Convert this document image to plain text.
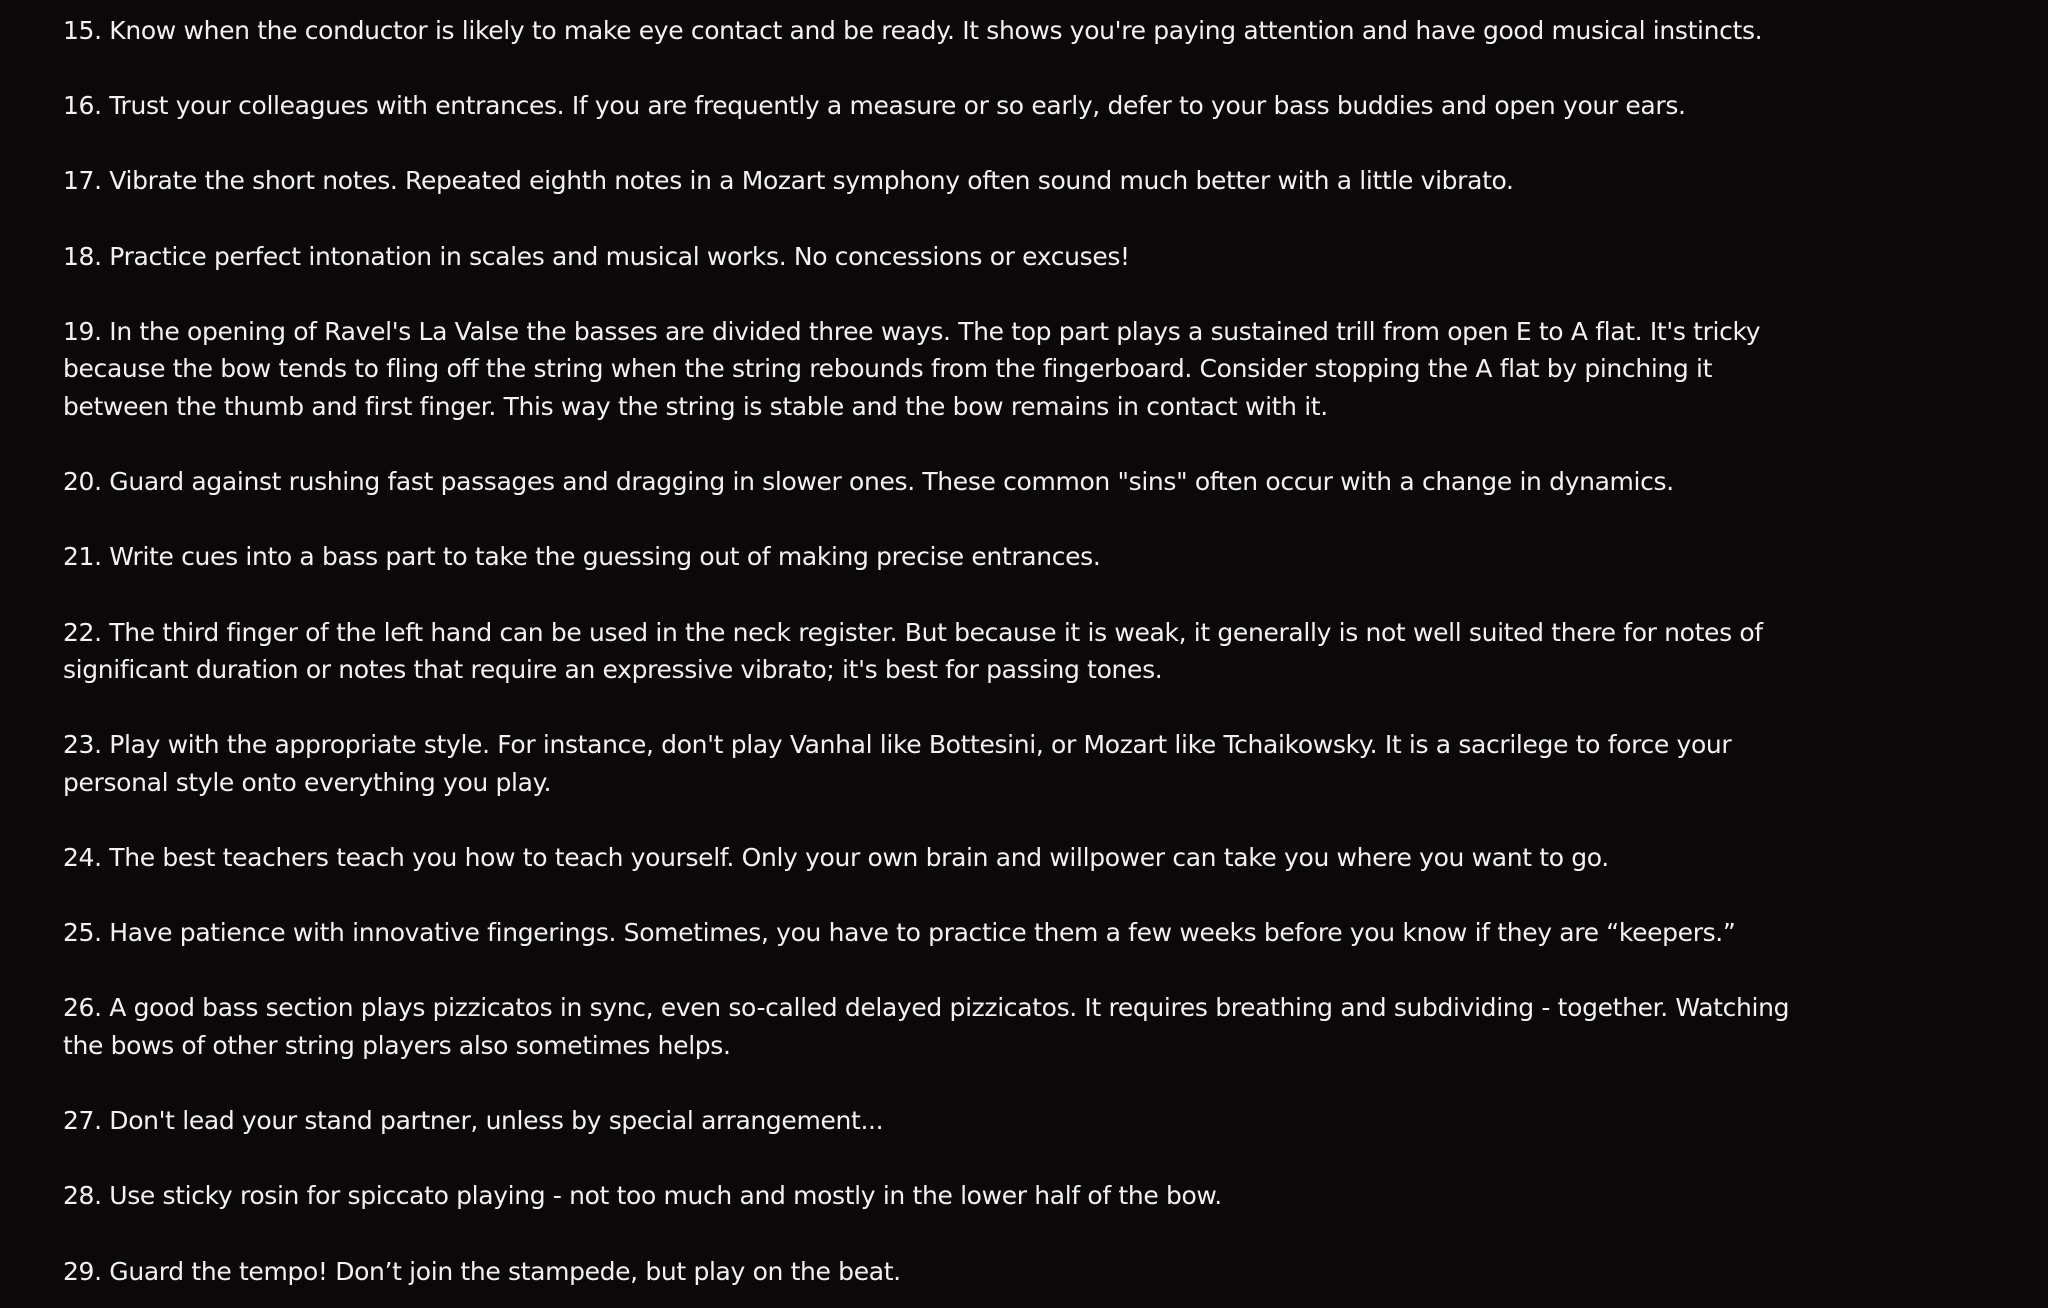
15. Know when the conductor is likely to make eye contact and be ready. It shows you're paying attention and have good musical instincts.

16. Trust your colleagues with entrances. If you are frequently a measure or so early, defer to your bass buddies and open your ears.

17. Vibrate the short notes. Repeated eighth notes in a Mozart symphony often sound much better with a little vibrato.

18. Practice perfect intonation in scales and musical works. No concessions or excuses!

19. In the opening of Ravel's La Valse the basses are divided three ways. The top part plays a sustained trill from open E to A flat. It's tricky because the bow tends to fling off the string when the string rebounds from the fingerboard. Consider stopping the A flat by pinching it between the thumb and first finger. This way the string is stable and the bow remains in contact with it.

20. Guard against rushing fast passages and dragging in slower ones. These common "sins" often occur with a change in dynamics.

21. Write cues into a bass part to take the guessing out of making precise entrances.

22. The third finger of the left hand can be used in the neck register. But because it is weak, it generally is not well suited there for notes of significant duration or notes that require an expressive vibrato; it's best for passing tones.

23. Play with the appropriate style. For instance, don't play Vanhal like Bottesini, or Mozart like Tchaikowsky. It is a sacrilege to force your personal style onto everything you play.

24. The best teachers teach you how to teach yourself. Only your own brain and willpower can take you where you want to go.

25. Have patience with innovative fingerings. Sometimes, you have to practice them a few weeks before you know if they are “keepers.”

26. A good bass section plays pizzicatos in sync, even so-called delayed pizzicatos. It requires breathing and subdividing - together. Watching the bows of other string players also sometimes helps.

27. Don't lead your stand partner, unless by special arrangement...

28. Use sticky rosin for spiccato playing - not too much and mostly in the lower half of the bow.

29. Guard the tempo! Don’t join the stampede, but play on the beat.
